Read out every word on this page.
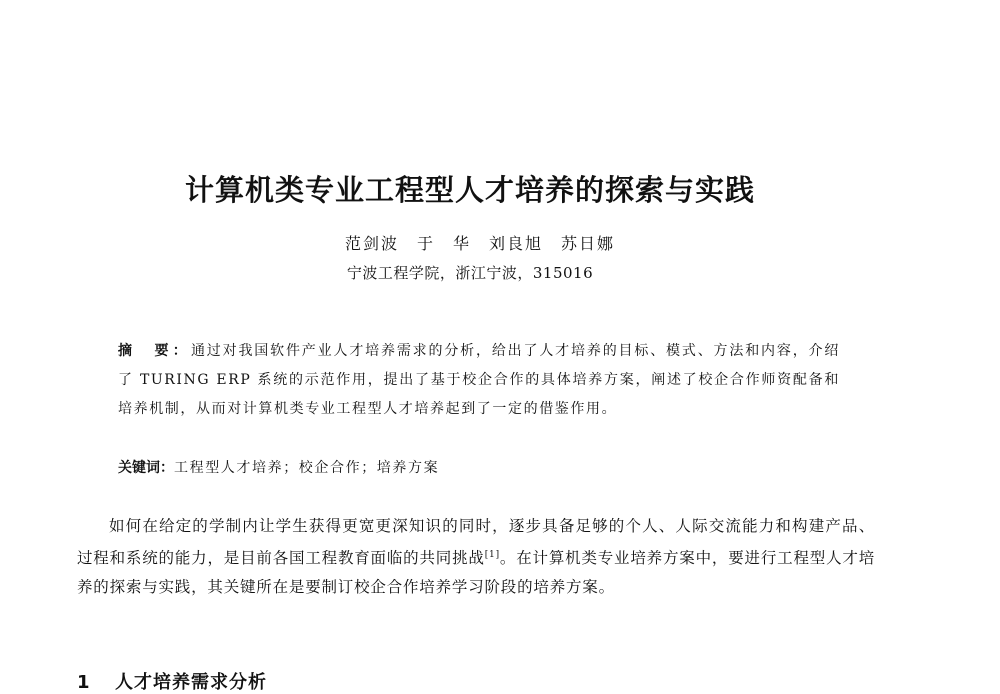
计算机类专业工程型人才培养的探索与实践
范剑波　于　华　刘良旭　苏日娜
宁波工程学院，浙江宁波，315016
摘　要：通过对我国软件产业人才培养需求的分析，给出了人才培养的目标、模式、方法和内容，介绍了 TURING ERP 系统的示范作用，提出了基于校企合作的具体培养方案，阐述了校企合作师资配备和培养机制，从而对计算机类专业工程型人才培养起到了一定的借鉴作用。
关键词：工程型人才培养；校企合作；培养方案
如何在给定的学制内让学生获得更宽更深知识的同时，逐步具备足够的个人、人际交流能力和构建产品、过程和系统的能力，是目前各国工程教育面临的共同挑战[1]。在计算机类专业培养方案中，要进行工程型人才培养的探索与实践，其关键所在是要制订校企合作培养学习阶段的培养方案。
1 人才培养需求分析
